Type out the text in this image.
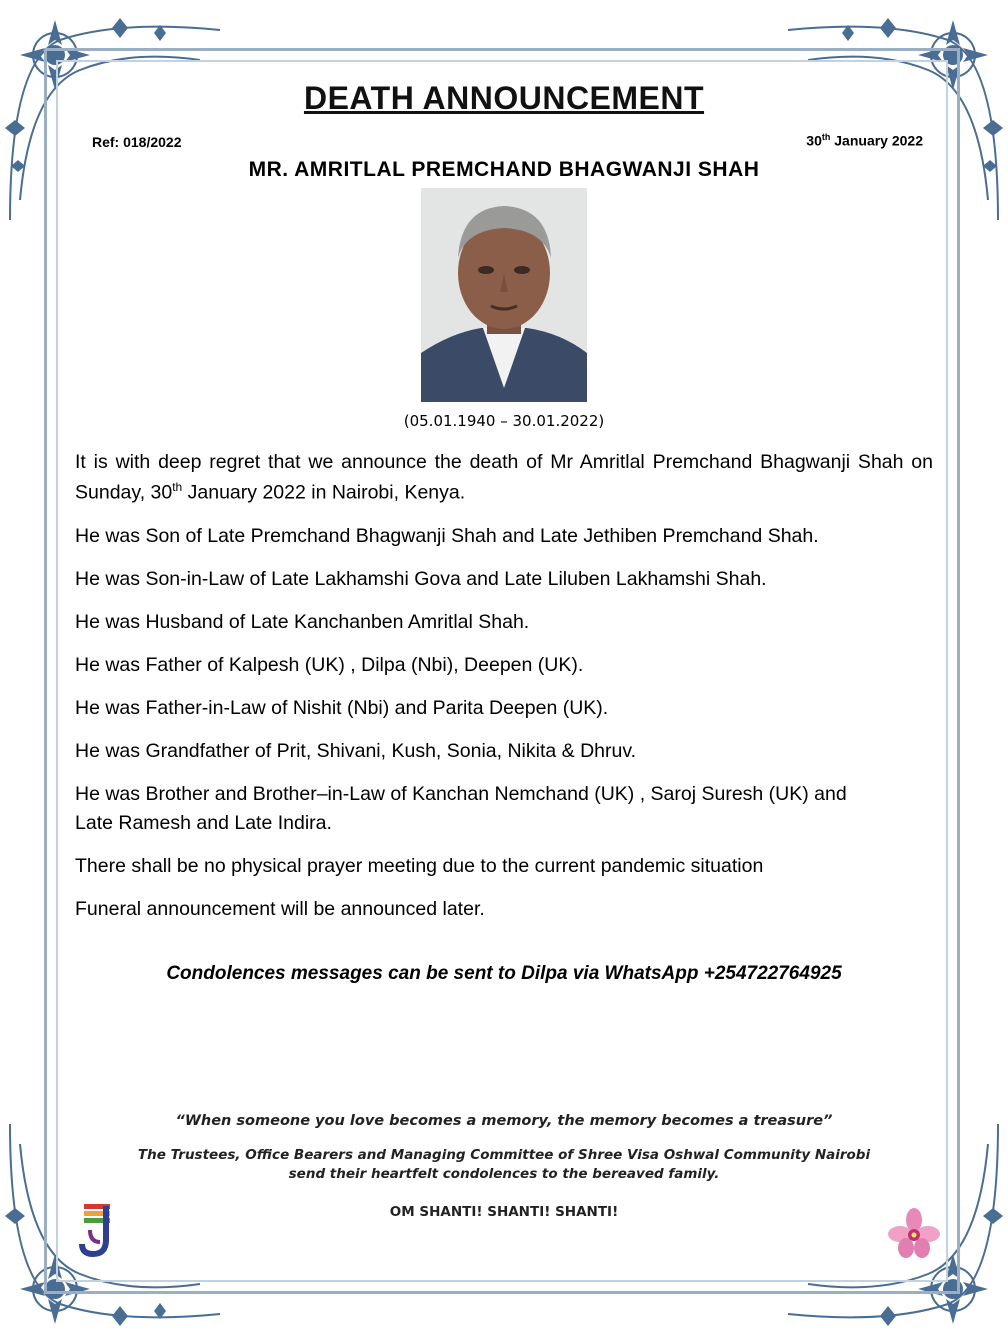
DEATH ANNOUNCEMENT
Ref: 018/2022	30th January 2022
MR. AMRITLAL PREMCHAND BHAGWANJI SHAH
(05.01.1940 – 30.01.2022)
It is with deep regret that we announce the death of Mr Amritlal Premchand Bhagwanji Shah on Sunday, 30th January 2022 in Nairobi, Kenya.
He was Son of Late Premchand Bhagwanji Shah and Late Jethiben Premchand Shah.
He was Son-in-Law of Late Lakhamshi Gova and Late Liluben Lakhamshi Shah.
He was Husband of Late Kanchanben Amritlal Shah.
He was Father of Kalpesh (UK) , Dilpa (Nbi), Deepen (UK).
He was Father-in-Law of Nishit (Nbi) and Parita Deepen (UK).
He was Grandfather of Prit, Shivani, Kush, Sonia, Nikita & Dhruv.
He was Brother and Brother–in-Law of Kanchan Nemchand (UK) , Saroj Suresh (UK) and
Late Ramesh and Late Indira.
There shall be no physical prayer meeting due to the current pandemic situation
Funeral announcement will be announced later.
Condolences messages can be sent to Dilpa via WhatsApp +254722764925
“When someone you love becomes a memory, the memory becomes a treasure”
The Trustees, Office Bearers and Managing Committee of Shree Visa Oshwal Community Nairobi
send their heartfelt condolences to the bereaved family.
OM SHANTI! SHANTI! SHANTI!
